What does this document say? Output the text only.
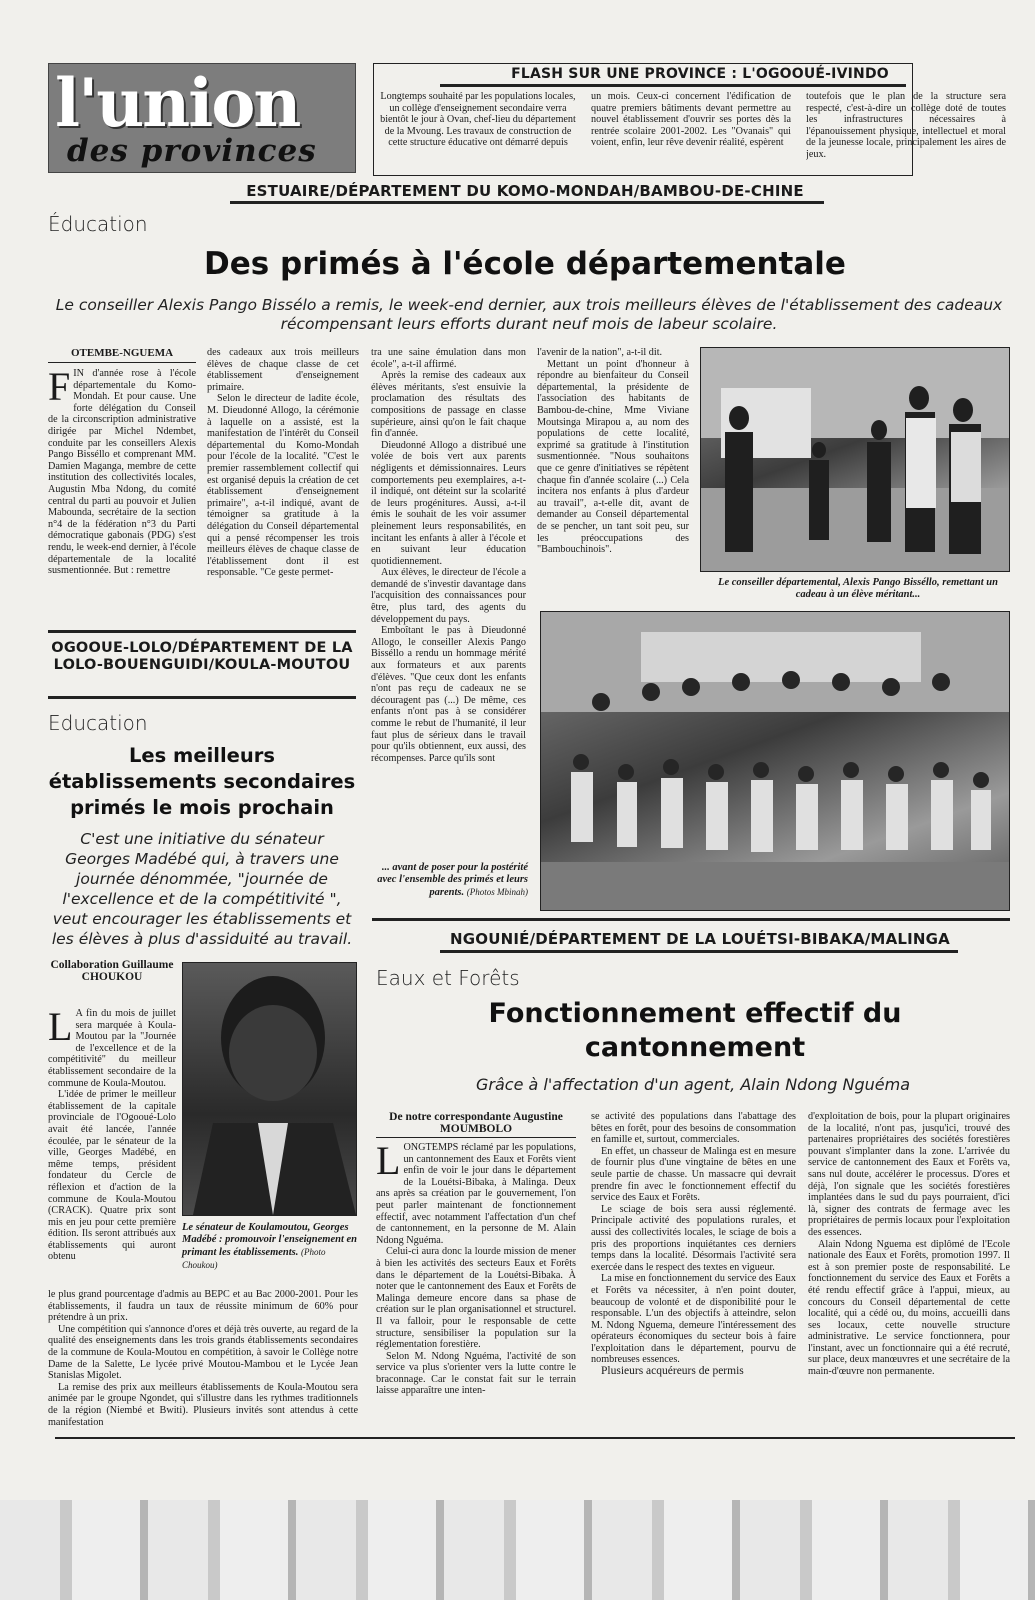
l'union
des provinces
FLASH SUR UNE PROVINCE : L'OGOOUÉ-IVINDO
Longtemps souhaité par les populations locales, un collège d'enseignement secondaire verra bientôt le jour à Ovan, chef-lieu du département de la Mvoung. Les travaux de construction de cette structure éducative ont démarré depuis
un mois. Ceux-ci concernent l'édification de quatre premiers bâtiments devant permettre au nouvel établissement d'ouvrir ses portes dès la rentrée scolaire 2001-2002. Les "Ovanais" qui voient, enfin, leur rêve devenir réalité, espèrent
toutefois que le plan de la structure sera respecté, c'est-à-dire un collège doté de toutes les infrastructures nécessaires à l'épanouissement physique, intellectuel et moral de la jeunesse locale, principalement les aires de jeux.
ESTUAIRE/DÉPARTEMENT DU KOMO-MONDAH/BAMBOU-DE-CHINE
Éducation
Des primés à l'école départementale
Le conseiller Alexis Pango Bissélo a remis, le week-end dernier, aux trois meilleurs élèves de l'établissement des cadeaux récompensant leurs efforts durant neuf mois de labeur scolaire.
OTEMBE-NGUEMA
FIN d'année rose à l'école départementale du Komo-Mondah. Et pour cause. Une forte délégation du Conseil de la circonscription administrative dirigée par Michel Ndembet, conduite par les conseillers Alexis Pango Bisséllo et comprenant MM. Damien Maganga, membre de cette institution des collectivités locales, Augustin Mba Ndong, du comité central du parti au pouvoir et Julien Mabounda, secrétaire de la section n°4 de la fédération n°3 du Parti démocratique gabonais (PDG) s'est rendu, le week-end dernier, à l'école départementale de la localité susmentionnée. But : remettre

des cadeaux aux trois meilleurs élèves de chaque classe de cet établissement d'enseignement primaire.

Selon le directeur de ladite école, M. Dieudonné Allogo, la cérémonie à laquelle on a assisté, est la manifestation de l'intérêt du Conseil départemental du Komo-Mondah pour l'école de la localité. "C'est le premier rassemblement collectif qui est organisé depuis la création de cet établissement d'enseignement primaire", a-t-il indiqué, avant de témoigner sa gratitude à la délégation du Conseil départemental qui a pensé récompenser les trois meilleurs élèves de chaque classe de l'établissement dont il est responsable. "Ce geste permet-

tra une saine émulation dans mon école", a-t-il affirmé.

Après la remise des cadeaux aux élèves méritants, s'est ensuivie la proclamation des résultats des compositions de passage en classe supérieure, ainsi qu'on le fait chaque fin d'année.

Dieudonné Allogo a distribué une volée de bois vert aux parents négligents et démissionnaires. Leurs comportements peu exemplaires, a-t-il indiqué, ont déteint sur la scolarité de leurs progénitures. Aussi, a-t-il émis le souhait de les voir assumer pleinement leurs responsabilités, en incitant les enfants à aller à l'école et en suivant leur éducation quotidiennement.

Aux élèves, le directeur de l'école a demandé de s'investir davantage dans l'acquisition des connaissances pour être, plus tard, des agents du développement du pays.

Emboîtant le pas à Dieudonné Allogo, le conseiller Alexis Pango Bisséllo a rendu un hommage mérité aux formateurs et aux parents d'élèves. "Que ceux dont les enfants n'ont pas reçu de cadeaux ne se découragent pas (...) De même, ces enfants n'ont pas à se considérer comme le rebut de l'humanité, il leur faut plus de sérieux dans le travail pour qu'ils obtiennent, eux aussi, des récompenses. Parce qu'ils sont

l'avenir de la nation", a-t-il dit.

Mettant un point d'honneur à répondre au bienfaiteur du Conseil départemental, la présidente de l'association des habitants de Bambou-de-chine, Mme Viviane Moutsinga Mirapou a, au nom des populations de cette localité, exprimé sa gratitude à l'institution susmentionnée. "Nous souhaitons que ce genre d'initiatives se répètent chaque fin d'année scolaire (...) Cela incitera nos enfants à plus d'ardeur au travail", a-t-elle dit, avant de demander au Conseil départemental de se pencher, un tant soit peu, sur les préoccupations des "Bambouchinois".

Le conseiller départemental, Alexis Pango Bisséllo, remettant un cadeau à un élève méritant...
... avant de poser pour la postérité avec l'ensemble des primés et leurs parents. (Photos Mbinah)
OGOOUE-LOLO/DÉPARTEMENT DE LA LOLO-BOUENGUIDI/KOULA-MOUTOU
Education
Les meilleurs établissements secondaires primés le mois prochain
C'est une initiative du sénateur Georges Madébé qui, à travers une journée dénommée, "journée de l'excellence et de la compétitivité ", veut encourager les établissements et les élèves à plus d'assiduité au travail.
Collaboration Guillaume CHOUKOU
L A fin du mois de juillet sera marquée à Koula-Moutou par la "Journée de l'excellence et de la compétitivité" du meilleur établissement secondaire de la commune de Koula-Moutou.

L'idée de primer le meilleur établissement de la capitale provinciale de l'Ogooué-Lolo avait été lancée, l'année écoulée, par le sénateur de la ville, Georges Madébé, en même temps, président fondateur du Cercle de réflexion et d'action de la commune de Koula-Moutou (CRACK). Quatre prix sont mis en jeu pour cette première édition. Ils seront attribués aux établissements qui auront obtenu

Le sénateur de Koulamoutou, Georges Madébé : promouvoir l'enseignement en primant les établissements. (Photo Choukou)

le plus grand pourcentage d'admis au BEPC et au Bac 2000-2001. Pour les établissements, il faudra un taux de réussite minimum de 60% pour prétendre à un prix.

Une compétition qui s'annonce d'ores et déjà très ouverte, au regard de la qualité des enseignements dans les trois grands établissements secondaires de la commune de Koula-Moutou en compétition, à savoir le Collège notre Dame de la Salette, Le lycée privé Moutou-Mambou et le Lycée Jean Stanislas Migolet.

La remise des prix aux meilleurs établissements de Koula-Moutou sera animée par le groupe Ngondet, qui s'illustre dans les rythmes traditionnels de la région (Niembé et Bwiti). Plusieurs invités sont attendus à cette manifestation

NGOUNIÉ/DÉPARTEMENT DE LA LOUÉTSI-BIBAKA/MALINGA
Eaux et Forêts
Fonctionnement effectif du cantonnement
Grâce à l'affectation d'un agent, Alain Ndong Nguéma
De notre correspondante Augustine MOUMBOLO
LONGTEMPS réclamé par les populations, un cantonnement des Eaux et Forêts vient enfin de voir le jour dans le département de la Louétsi-Bibaka, à Malinga. Deux ans après sa création par le gouvernement, l'on peut parler maintenant de fonctionnement effectif, avec notamment l'affectation d'un chef de cantonnement, en la personne de M. Alain Ndong Nguéma.

Celui-ci aura donc la lourde mission de mener à bien les activités des secteurs Eaux et Forêts dans le département de la Louétsi-Bibaka. À noter que le cantonnement des Eaux et Forêts de Malinga demeure encore dans sa phase de création sur le plan organisationnel et structurel. Il va falloir, pour le responsable de cette structure, sensibiliser la population sur la réglementation forestière.

Selon M. Ndong Nguéma, l'activité de son service va plus s'orienter vers la lutte contre le braconnage. Car le constat fait sur le terrain laisse apparaître une inten-

se activité des populations dans l'abattage des bêtes en forêt, pour des besoins de consommation en famille et, surtout, commerciales.

En effet, un chasseur de Malinga est en mesure de fournir plus d'une vingtaine de bêtes en une seule partie de chasse. Un massacre qui devrait prendre fin avec le fonctionnement effectif du service des Eaux et Forêts.

Le sciage de bois sera aussi réglementé. Principale activité des populations rurales, et aussi des collectivités locales, le sciage de bois a pris des proportions inquiétantes ces derniers temps dans la localité. Désormais l'activité sera exercée dans le respect des textes en vigueur.

La mise en fonctionnement du service des Eaux et Forêts va nécessiter, à n'en point douter, beaucoup de volonté et de disponibilité pour le responsable. L'un des objectifs à atteindre, selon M. Ndong Nguema, demeure l'intéressement des opérateurs économiques du secteur bois à faire l'exploitation dans le département, pourvu de nombreuses essences.

Plusieurs acquéreurs de permis

d'exploitation de bois, pour la plupart originaires de la localité, n'ont pas, jusqu'ici, trouvé des partenaires propriétaires des sociétés forestières pouvant s'implanter dans la zone. L'arrivée du service de cantonnement des Eaux et Forêts va, sans nul doute, accélérer le processus. D'ores et déjà, l'on signale que les sociétés forestières implantées dans le sud du pays pourraient, d'ici là, signer des contrats de fermage avec les propriétaires de permis locaux pour l'exploitation des essences.

Alain Ndong Nguema est diplômé de l'Ecole nationale des Eaux et Forêts, promotion 1997. Il est à son premier poste de responsabilité. Le fonctionnement du service des Eaux et Forêts a été rendu effectif grâce à l'appui, mieux, au concours du Conseil départemental de cette localité, qui a cédé ou, du moins, accueilli dans ses locaux, cette nouvelle structure administrative. Le service fonctionnera, pour l'instant, avec un fonctionnaire qui a été recruté, sur place, deux manœuvres et une secrétaire de la main-d'œuvre non permanente.
